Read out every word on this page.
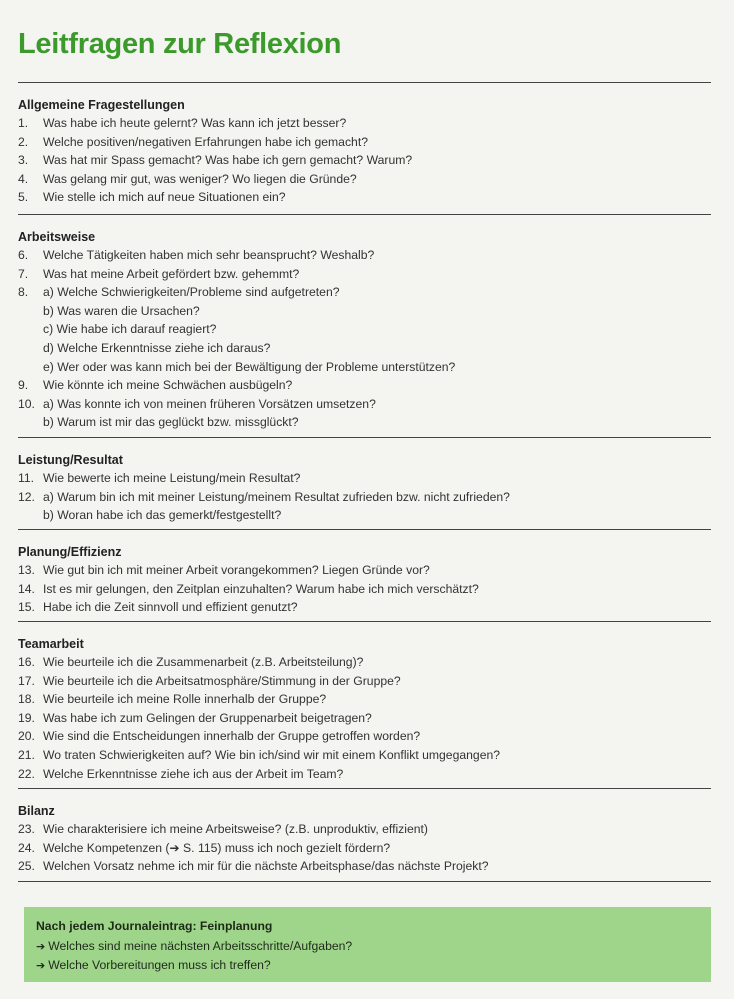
Leitfragen zur Reflexion
Allgemeine Fragestellungen
1. Was habe ich heute gelernt? Was kann ich jetzt besser?
2. Welche positiven/negativen Erfahrungen habe ich gemacht?
3. Was hat mir Spass gemacht? Was habe ich gern gemacht? Warum?
4. Was gelang mir gut, was weniger? Wo liegen die Gründe?
5. Wie stelle ich mich auf neue Situationen ein?
Arbeitsweise
6. Welche Tätigkeiten haben mich sehr beansprucht? Weshalb?
7. Was hat meine Arbeit gefördert bzw. gehemmt?
8. a) Welche Schwierigkeiten/Probleme sind aufgetreten?
b) Was waren die Ursachen?
c) Wie habe ich darauf reagiert?
d) Welche Erkenntnisse ziehe ich daraus?
e) Wer oder was kann mich bei der Bewältigung der Probleme unterstützen?
9. Wie könnte ich meine Schwächen ausbügeln?
10. a) Was konnte ich von meinen früheren Vorsätzen umsetzen?
b) Warum ist mir das geglückt bzw. missglückt?
Leistung/Resultat
11. Wie bewerte ich meine Leistung/mein Resultat?
12. a) Warum bin ich mit meiner Leistung/meinem Resultat zufrieden bzw. nicht zufrieden?
b) Woran habe ich das gemerkt/festgestellt?
Planung/Effizienz
13. Wie gut bin ich mit meiner Arbeit vorangekommen? Liegen Gründe vor?
14. Ist es mir gelungen, den Zeitplan einzuhalten? Warum habe ich mich verschätzt?
15. Habe ich die Zeit sinnvoll und effizient genutzt?
Teamarbeit
16. Wie beurteile ich die Zusammenarbeit (z.B. Arbeitsteilung)?
17. Wie beurteile ich die Arbeitsatmosphäre/Stimmung in der Gruppe?
18. Wie beurteile ich meine Rolle innerhalb der Gruppe?
19. Was habe ich zum Gelingen der Gruppenarbeit beigetragen?
20. Wie sind die Entscheidungen innerhalb der Gruppe getroffen worden?
21. Wo traten Schwierigkeiten auf? Wie bin ich/sind wir mit einem Konflikt umgegangen?
22. Welche Erkenntnisse ziehe ich aus der Arbeit im Team?
Bilanz
23. Wie charakterisiere ich meine Arbeitsweise? (z.B. unproduktiv, effizient)
24. Welche Kompetenzen (➔ S. 115) muss ich noch gezielt fördern?
25. Welchen Vorsatz nehme ich mir für die nächste Arbeitsphase/das nächste Projekt?
Nach jedem Journaleintrag: Feinplanung
➔ Welches sind meine nächsten Arbeitsschritte/Aufgaben?
➔ Welche Vorbereitungen muss ich treffen?
